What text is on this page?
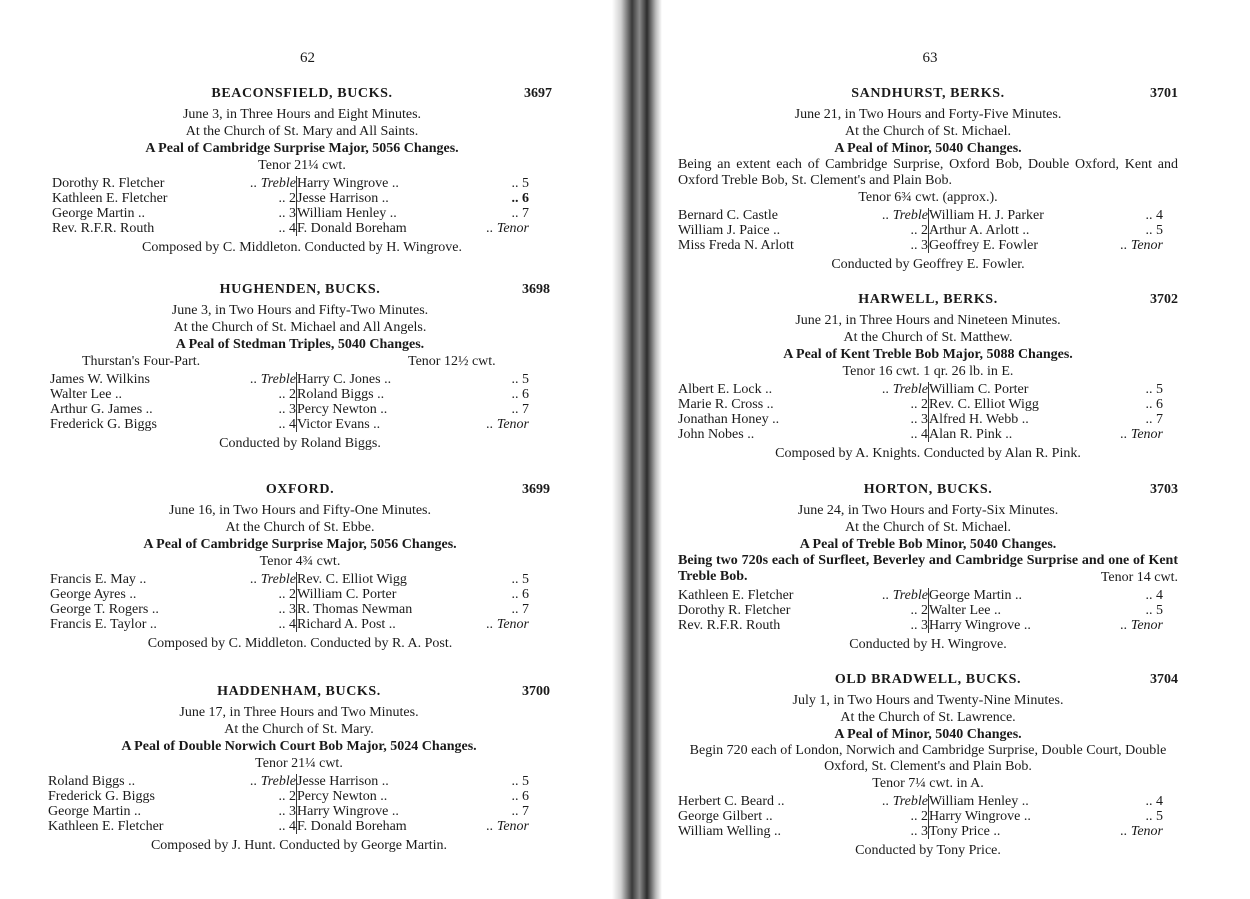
62
BEACONSFIELD, BUCKS.	3697
June 3, in Three Hours and Eight Minutes.
At the Church of St. Mary and All Saints.
A Peal of Cambridge Surprise Major, 5056 Changes.
Tenor 21¼ cwt.
Dorothy R. Fletcher	.. Treble	Harry Wingrove ..	.. 5
Kathleen E. Fletcher	.. 2	Jesse Harrison ..	.. 6
George Martin ..	.. 3	William Henley ..	.. 7
Rev. R.F.R. Routh	.. 4	F. Donald Boreham	.. Tenor
Composed by C. Middleton. Conducted by H. Wingrove.
HUGHENDEN, BUCKS.	3698
June 3, in Two Hours and Fifty-Two Minutes.
At the Church of St. Michael and All Angels.
A Peal of Stedman Triples, 5040 Changes.
Thurstan's Four-Part.	Tenor 12½ cwt.
James W. Wilkins	.. Treble	Harry C. Jones ..	.. 5
Walter Lee ..	.. 2	Roland Biggs ..	.. 6
Arthur G. James ..	.. 3	Percy Newton ..	.. 7
Frederick G. Biggs	.. 4	Victor Evans ..	.. Tenor
Conducted by Roland Biggs.
OXFORD.	3699
June 16, in Two Hours and Fifty-One Minutes.
At the Church of St. Ebbe.
A Peal of Cambridge Surprise Major, 5056 Changes.
Tenor 4¾ cwt.
Francis E. May ..	.. Treble	Rev. C. Elliot Wigg	.. 5
George Ayres ..	.. 2	William C. Porter	.. 6
George T. Rogers ..	.. 3	R. Thomas Newman	.. 7
Francis E. Taylor ..	.. 4	Richard A. Post ..	.. Tenor
Composed by C. Middleton. Conducted by R. A. Post.
HADDENHAM, BUCKS.	3700
June 17, in Three Hours and Two Minutes.
At the Church of St. Mary.
A Peal of Double Norwich Court Bob Major, 5024 Changes.
Tenor 21¼ cwt.
Roland Biggs ..	.. Treble	Jesse Harrison ..	.. 5
Frederick G. Biggs	.. 2	Percy Newton ..	.. 6
George Martin ..	.. 3	Harry Wingrove ..	.. 7
Kathleen E. Fletcher	.. 4	F. Donald Boreham	.. Tenor
Composed by J. Hunt. Conducted by George Martin.
63
SANDHURST, BERKS.	3701
June 21, in Two Hours and Forty-Five Minutes.
At the Church of St. Michael.
A Peal of Minor, 5040 Changes.
Being an extent each of Cambridge Surprise, Oxford Bob, Double Oxford, Kent and Oxford Treble Bob, St. Clement's and Plain Bob.
Tenor 6¾ cwt. (approx.).
Bernard C. Castle	.. Treble	William H. J. Parker	.. 4
William J. Paice ..	.. 2	Arthur A. Arlott ..	.. 5
Miss Freda N. Arlott	.. 3	Geoffrey E. Fowler	.. Tenor
Conducted by Geoffrey E. Fowler.
HARWELL, BERKS.	3702
June 21, in Three Hours and Nineteen Minutes.
At the Church of St. Matthew.
A Peal of Kent Treble Bob Major, 5088 Changes.
Tenor 16 cwt. 1 qr. 26 lb. in E.
Albert E. Lock ..	.. Treble	William C. Porter	.. 5
Marie R. Cross ..	.. 2	Rev. C. Elliot Wigg	.. 6
Jonathan Honey ..	.. 3	Alfred H. Webb ..	.. 7
John Nobes ..	.. 4	Alan R. Pink ..	.. Tenor
Composed by A. Knights. Conducted by Alan R. Pink.
HORTON, BUCKS.	3703
June 24, in Two Hours and Forty-Six Minutes.
At the Church of St. Michael.
A Peal of Treble Bob Minor, 5040 Changes.
Being two 720s each of Surfleet, Beverley and Cambridge Surprise and one of Kent Treble Bob.	Tenor 14 cwt.
Kathleen E. Fletcher	.. Treble	George Martin ..	.. 4
Dorothy R. Fletcher	.. 2	Walter Lee ..	.. 5
Rev. R.F.R. Routh	.. 3	Harry Wingrove ..	.. Tenor
Conducted by H. Wingrove.
OLD BRADWELL, BUCKS.	3704
July 1, in Two Hours and Twenty-Nine Minutes.
At the Church of St. Lawrence.
A Peal of Minor, 5040 Changes.
Begin 720 each of London, Norwich and Cambridge Surprise, Double Court, Double Oxford, St. Clement's and Plain Bob.
Tenor 7¼ cwt. in A.
Herbert C. Beard ..	.. Treble	William Henley ..	.. 4
George Gilbert ..	.. 2	Harry Wingrove ..	.. 5
William Welling ..	.. 3	Tony Price ..	.. Tenor
Conducted by Tony Price.
